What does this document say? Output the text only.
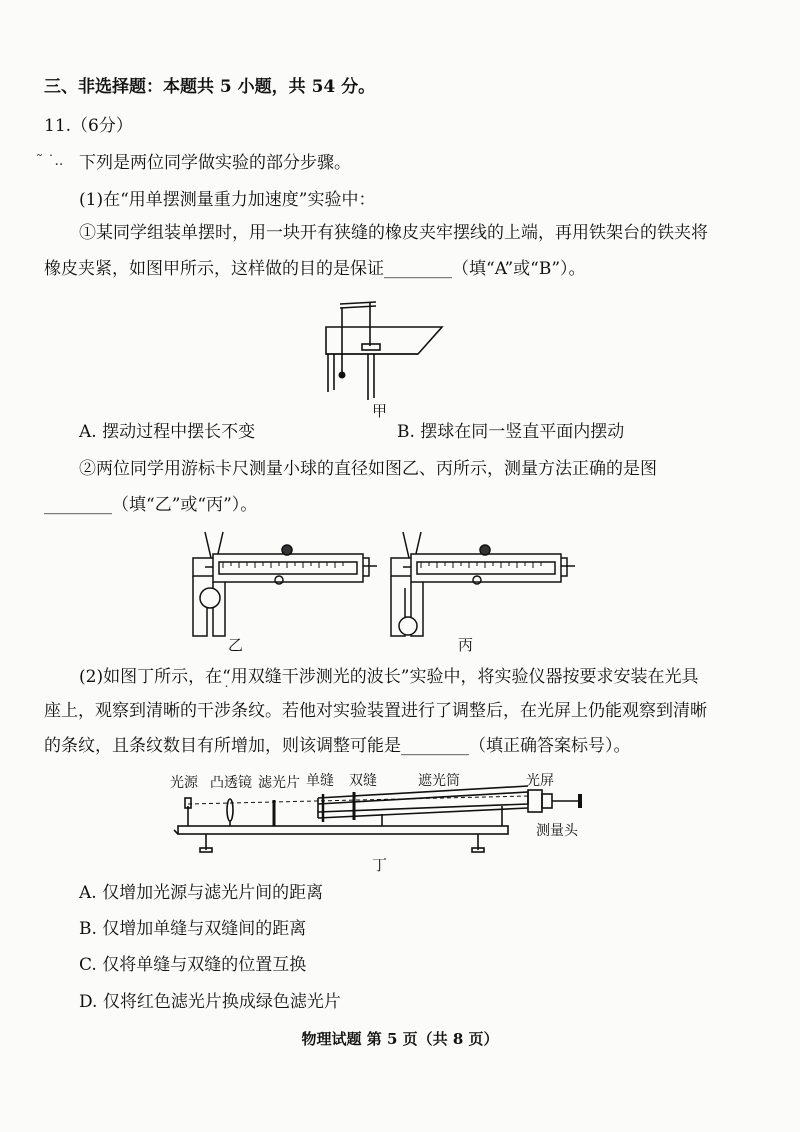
˜ ˙..
˙
三、非选择题：本题共 5 小题，共 54 分。
11.（6分）
下列是两位同学做实验的部分步骤。
(1)在“用单摆测量重力加速度”实验中：
①某同学组装单摆时，用一块开有狭缝的橡皮夹牢摆线的上端，再用铁架台的铁夹将
橡皮夹紧，如图甲所示，这样做的目的是保证________（填“A”或“B”）。
甲
A. 摆动过程中摆长不变	B. 摆球在同一竖直平面内摆动
②两位同学用游标卡尺测量小球的直径如图乙、丙所示，测量方法正确的是图
________（填“乙”或“丙”）。
乙	丙
(2)如图丁所示，在“用双缝干涉测光的波长”实验中，将实验仪器按要求安装在光具
座上，观察到清晰的干涉条纹。若他对实验装置进行了调整后，在光屏上仍能观察到清晰
的条纹，且条纹数目有所增加，则该调整可能是________（填正确答案标号）。
光源 凸透镜 滤光片 单缝 双缝	遮光筒	光屏
测量头
丁
A. 仅增加光源与滤光片间的距离
B. 仅增加单缝与双缝间的距离
C. 仅将单缝与双缝的位置互换
D. 仅将红色滤光片换成绿色滤光片
物理试题 第 5 页（共 8 页）
